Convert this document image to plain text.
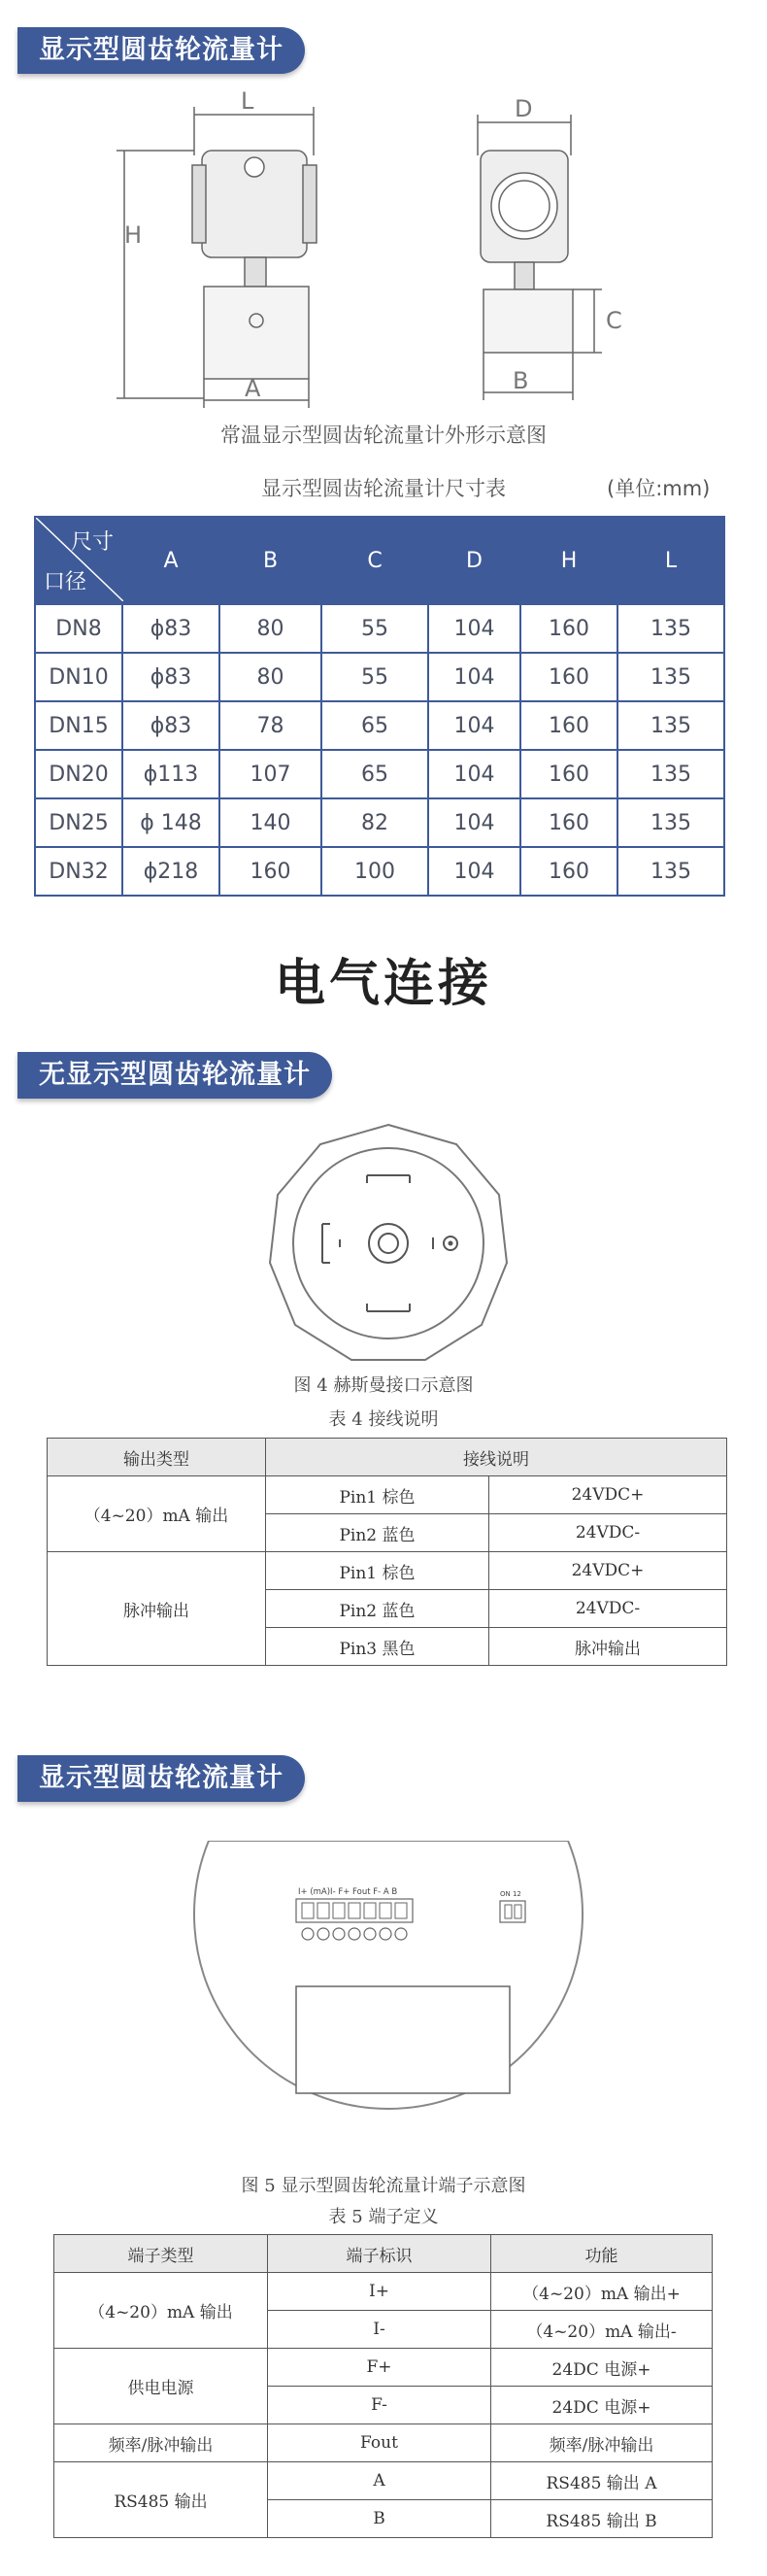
显示型圆齿轮流量计
L
H
A
D
B
C
常温显示型圆齿轮流量计外形示意图
显示型圆齿轮流量计尺寸表	(单位:mm)
尺寸
口径	A	B	C	D	H	L
DN8	ϕ83	80	55	104	160	135
DN10	ϕ83	80	55	104	160	135
DN15	ϕ83	78	65	104	160	135
DN20	ϕ113	107	65	104	160	135
DN25	ϕ 148	140	82	104	160	135
DN32	ϕ218	160	100	104	160	135
电气连接
无显示型圆齿轮流量计
图 4 赫斯曼接口示意图
表 4 接线说明
输出类型	接线说明	
（4~20）mA 输出	Pin1 棕色	24VDC+
	Pin2 蓝色	24VDC-
脉冲输出	Pin1 棕色	24VDC+
	Pin2 蓝色	24VDC-
	Pin3 黑色	脉冲输出
显示型圆齿轮流量计
I+ (mA)I- F+ Fout F- A B	ON 12
图 5 显示型圆齿轮流量计端子示意图
表 5 端子定义
端子类型	端子标识	功能
（4~20）mA 输出	I+	（4~20）mA 输出+
	I-	（4~20）mA 输出-
供电电源	F+	24DC 电源+
	F-	24DC 电源+
频率/脉冲输出	Fout	频率/脉冲输出
RS485 输出	A	RS485 输出 A
	B	RS485 输出 B
